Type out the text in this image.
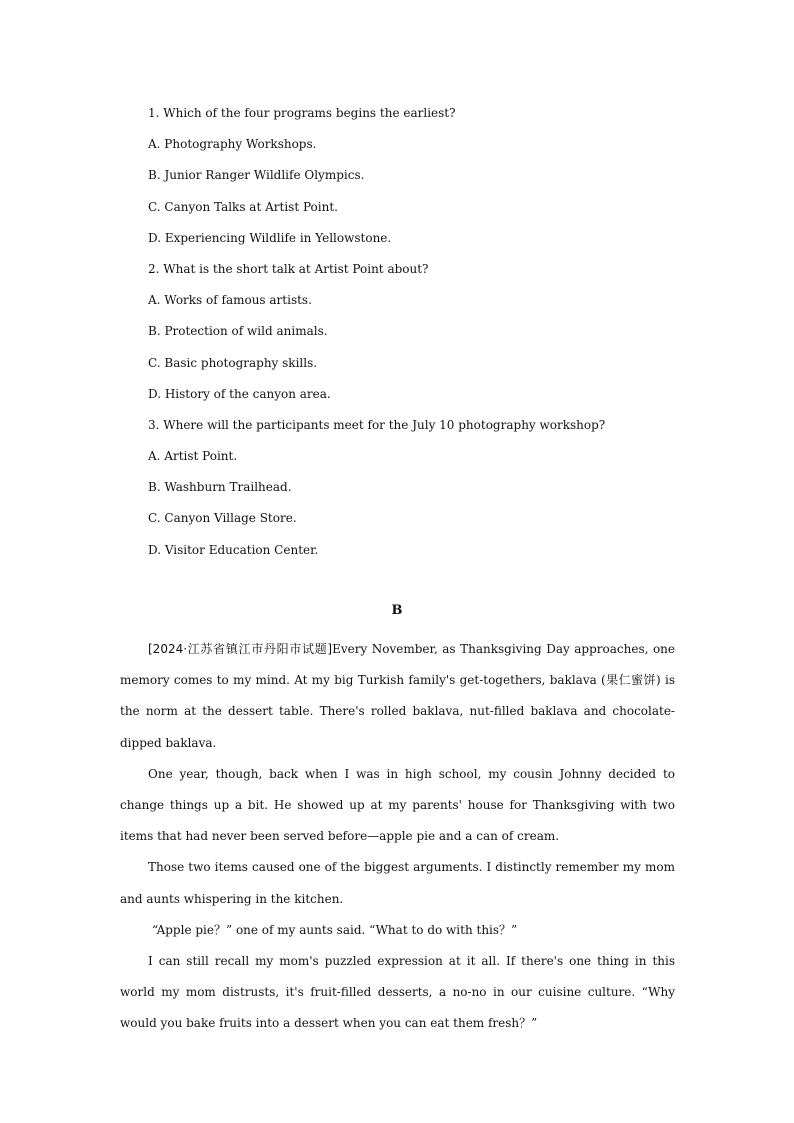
1. Which of the four programs begins the earliest?
A. Photography Workshops.
B. Junior Ranger Wildlife Olympics.
C. Canyon Talks at Artist Point.
D. Experiencing Wildlife in Yellowstone.
2. What is the short talk at Artist Point about?
A. Works of famous artists.
B. Protection of wild animals.
C. Basic photography skills.
D. History of the canyon area.
3. Where will the participants meet for the July 10 photography workshop?
A. Artist Point.
B. Washburn Trailhead.
C. Canyon Village Store.
D. Visitor Education Center.
B

[2024·江苏省镇江市丹阳市试题]Every November, as Thanksgiving Day approaches, one memory comes to my mind. At my big Turkish family's get-togethers, baklava (果仁蜜饼) is the norm at the dessert table. There's rolled baklava, nut-filled baklava and chocolate-dipped baklava.

One year, though, back when I was in high school, my cousin Johnny decided to change things up a bit. He showed up at my parents' house for Thanksgiving with two items that had never been served before—apple pie and a can of cream.

Those two items caused one of the biggest arguments. I distinctly remember my mom and aunts whispering in the kitchen.

“Apple pie？” one of my aunts said. “What to do with this？”

I can still recall my mom's puzzled expression at it all. If there's one thing in this world my mom distrusts, it's fruit-filled desserts, a no-no in our cuisine culture. “Why would you bake fruits into a dessert when you can eat them fresh？”
